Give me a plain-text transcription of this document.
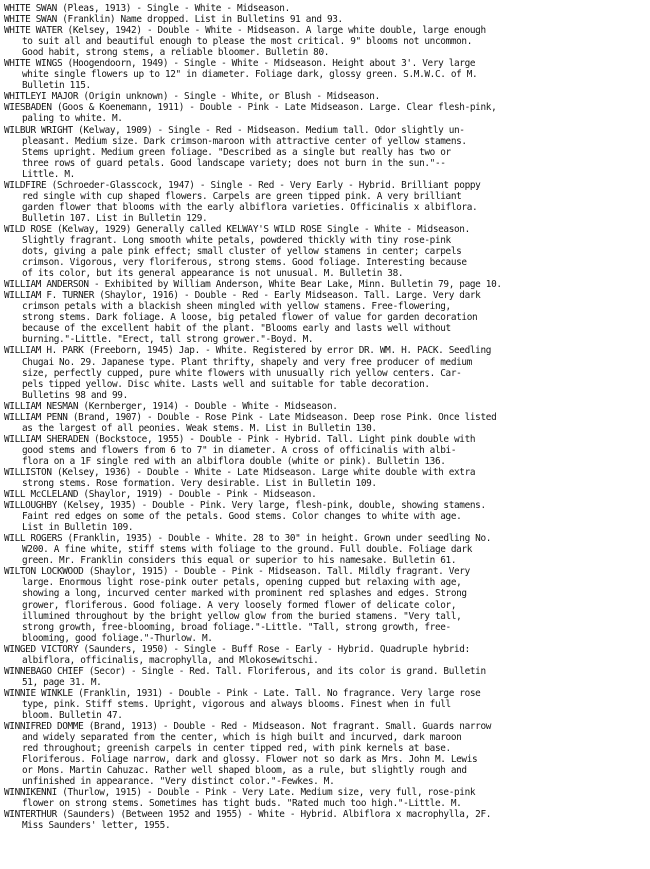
WHITE SWAN (Pleas, 1913) - Single - White - Midseason.
WHITE SWAN (Franklin) Name dropped. List in Bulletins 91 and 93.
WHITE WATER (Kelsey, 1942) - Double - White - Midseason. A large white double, large enough
to suit all and beautiful enough to please the most critical. 9" blooms not uncommon.
Good habit, strong stems, a reliable bloomer. Bulletin 80.
WHITE WINGS (Hoogendoorn, 1949) - Single - White - Midseason. Height about 3'. Very large
white single flowers up to 12" in diameter. Foliage dark, glossy green. S.M.W.C. of M.
Bulletin 115.
WHITLEYI MAJOR (Origin unknown) - Single - White, or Blush - Midseason.
WIESBADEN (Goos & Koenemann, 1911) - Double - Pink - Late Midseason. Large. Clear flesh-pink,
paling to white. M.
WILBUR WRIGHT (Kelway, 1909) - Single - Red - Midseason. Medium tall. Odor slightly un-
pleasant. Medium size. Dark crimson-maroon with attractive center of yellow stamens.
Stems upright. Medium green foliage. "Described as a single but really has two or
three rows of guard petals. Good landscape variety; does not burn in the sun."--
Little. M.
WILDFIRE (Schroeder-Glasscock, 1947) - Single - Red - Very Early - Hybrid. Brilliant poppy
red single with cup shaped flowers. Carpels are green tipped pink. A very brilliant
garden flower that blooms with the early albiflora varieties. Officinalis x albiflora.
Bulletin 107. List in Bulletin 129.
WILD ROSE (Kelway, 1929) Generally called KELWAY'S WILD ROSE Single - White - Midseason.
Slightly fragrant. Long smooth white petals, powdered thickly with tiny rose-pink
dots, giving a pale pink effect; small cluster of yellow stamens in center; carpels
crimson. Vigorous, very floriferous, strong stems. Good foliage. Interesting because
of its color, but its general appearance is not unusual. M. Bulletin 38.
WILLIAM ANDERSON - Exhibited by William Anderson, White Bear Lake, Minn. Bulletin 79, page 10.
WILLIAM F. TURNER (Shaylor, 1916) - Double - Red - Early Midseason. Tall. Large. Very dark
crimson petals with a blackish sheen mingled with yellow stamens. Free-flowering,
strong stems. Dark foliage. A loose, big petaled flower of value for garden decoration
because of the excellent habit of the plant. "Blooms early and lasts well without
burning."-Little. "Erect, tall strong grower."-Boyd. M.
WILLIAM H. PARK (Freeborn, 1945) Jap. - White. Registered by error DR. WM. H. PACK. Seedling
Chugai No. 29. Japanese type. Plant thrifty, shapely and very free producer of medium
size, perfectly cupped, pure white flowers with unusually rich yellow centers. Car-
pels tipped yellow. Disc white. Lasts well and suitable for table decoration.
Bulletins 98 and 99.
WILLIAM NESMAN (Kernberger, 1914) - Double - White - Midseason.
WILLIAM PENN (Brand, 1907) - Double - Rose Pink - Late Midseason. Deep rose Pink. Once listed
as the largest of all peonies. Weak stems. M. List in Bulletin 130.
WILLIAM SHERADEN (Bockstoce, 1955) - Double - Pink - Hybrid. Tall. Light pink double with
good stems and flowers from 6 to 7" in diameter. A cross of officinalis with albi-
flora on a 1F single red with an albiflora double (white or pink). Bulletin 136.
WILLISTON (Kelsey, 1936) - Double - White - Late Midseason. Large white double with extra
strong stems. Rose formation. Very desirable. List in Bulletin 109.
WILL McCLELAND (Shaylor, 1919) - Double - Pink - Midseason.
WILLOUGHBY (Kelsey, 1935) - Double - Pink. Very large, flesh-pink, double, showing stamens.
Faint red edges on some of the petals. Good stems. Color changes to white with age.
List in Bulletin 109.
WILL ROGERS (Franklin, 1935) - Double - White. 28 to 30" in height. Grown under seedling No.
W200. A fine white, stiff stems with foliage to the ground. Full double. Foliage dark
green. Mr. Franklin considers this equal or superior to his namesake. Bulletin 61.
WILTON LOCKWOOD (Shaylor, 1915) - Double - Pink - Midseason. Tall. Mildly fragrant. Very
large. Enormous light rose-pink outer petals, opening cupped but relaxing with age,
showing a long, incurved center marked with prominent red splashes and edges. Strong
grower, floriferous. Good foliage. A very loosely formed flower of delicate color,
illumined throughout by the bright yellow glow from the buried stamens. "Very tall,
strong growth, free-blooming, broad foliage."-Little. "Tall, strong growth, free-
blooming, good foliage."-Thurlow. M.
WINGED VICTORY (Saunders, 1950) - Single - Buff Rose - Early - Hybrid. Quadruple hybrid:
albiflora, officinalis, macrophylla, and Mlokosewitschi.
WINNEBAGO CHIEF (Secor) - Single - Red. Tall. Floriferous, and its color is grand. Bulletin
51, page 31. M.
WINNIE WINKLE (Franklin, 1931) - Double - Pink - Late. Tall. No fragrance. Very large rose
type, pink. Stiff stems. Upright, vigorous and always blooms. Finest when in full
bloom. Bulletin 47.
WINNIFRED DOMME (Brand, 1913) - Double - Red - Midseason. Not fragrant. Small. Guards narrow
and widely separated from the center, which is high built and incurved, dark maroon
red throughout; greenish carpels in center tipped red, with pink kernels at base.
Floriferous. Foliage narrow, dark and glossy. Flower not so dark as Mrs. John M. Lewis
or Mons. Martin Cahuzac. Rather well shaped bloom, as a rule, but slightly rough and
unfinished in appearance. "Very distinct color."-Fewkes. M.
WINNIKENNI (Thurlow, 1915) - Double - Pink - Very Late. Medium size, very full, rose-pink
flower on strong stems. Sometimes has tight buds. "Rated much too high."-Little. M.
WINTERTHUR (Saunders) (Between 1952 and 1955) - White - Hybrid. Albiflora x macrophylla, 2F.
Miss Saunders' letter, 1955.
